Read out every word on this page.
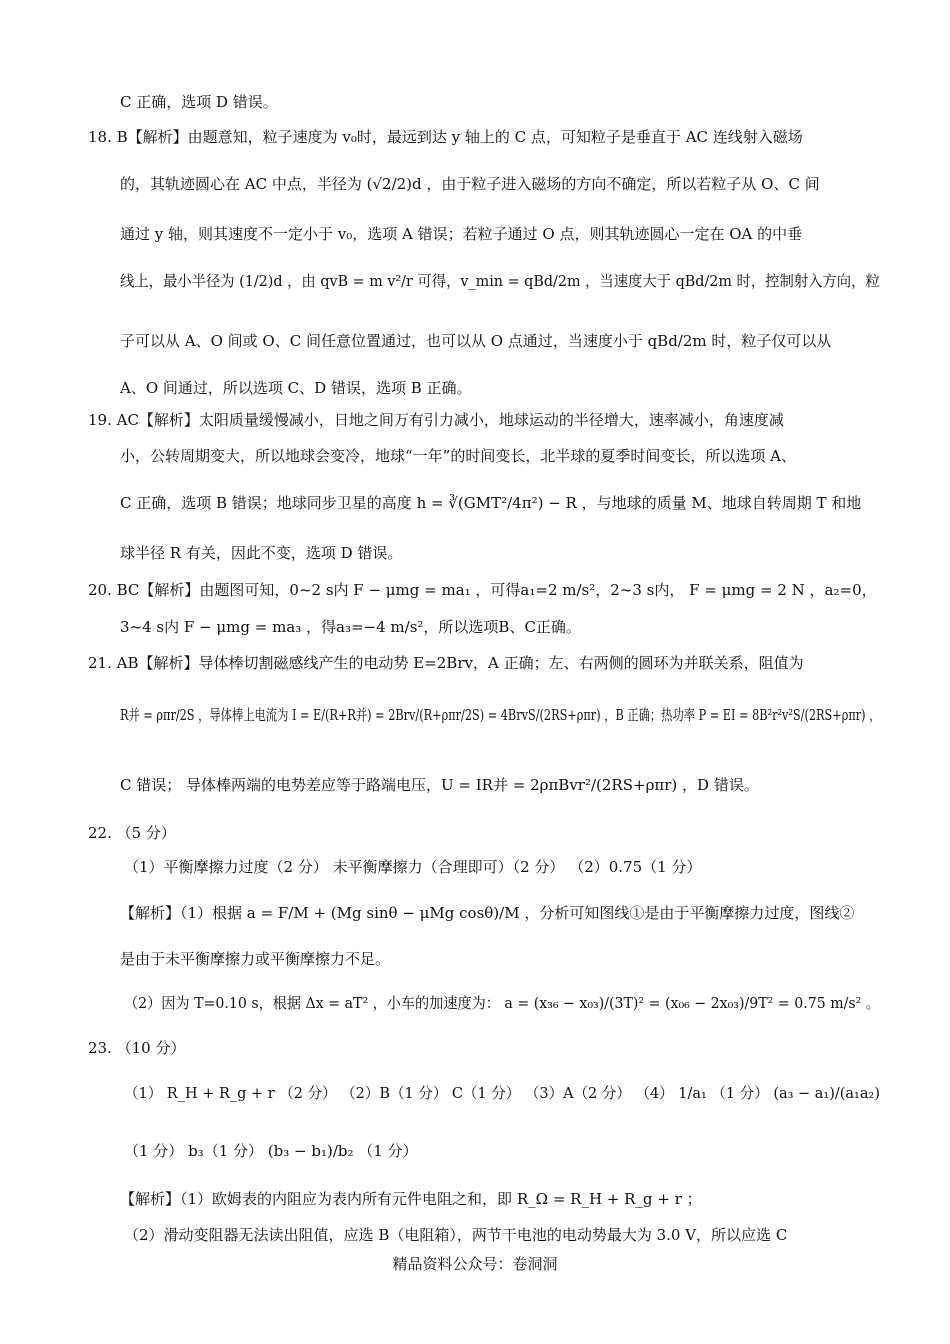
C 正确，选项 D 错误。
18. B【解析】由题意知，粒子速度为 v₀时，最远到达 y 轴上的 C 点，可知粒子是垂直于 AC 连线射入磁场
的，其轨迹圆心在 AC 中点，半径为 (√2/2)d ，由于粒子进入磁场的方向不确定，所以若粒子从 O、C 间
通过 y 轴，则其速度不一定小于 v₀，选项 A 错误；若粒子通过 O 点，则其轨迹圆心一定在 OA 的中垂
线上，最小半径为 (1/2)d ，由 qvB = m v²/r 可得，v_min = qBd/2m ，当速度大于 qBd/2m 时，控制射入方向，粒
子可以从 A、O 间或 O、C 间任意位置通过，也可以从 O 点通过，当速度小于 qBd/2m 时，粒子仅可以从
A、O 间通过，所以选项 C、D 错误，选项 B 正确。
19. AC【解析】太阳质量缓慢减小，日地之间万有引力减小，地球运动的半径增大，速率减小，角速度减
小，公转周期变大，所以地球会变冷，地球“一年”的时间变长，北半球的夏季时间变长，所以选项 A、
C 正确，选项 B 错误；地球同步卫星的高度 h = ∛(GMT²/4π²) − R ，与地球的质量 M、地球自转周期 T 和地
球半径 R 有关，因此不变，选项 D 错误。
20. BC【解析】由题图可知，0~2 s内 F − μmg = ma₁ ，可得a₁=2 m/s²，2~3 s内， F = μmg = 2 N ，a₂=0，
3~4 s内 F − μmg = ma₃ ，得a₃=−4 m/s²，所以选项B、C正确。
21. AB【解析】导体棒切割磁感线产生的电动势 E=2Brv，A 正确；左、右两侧的圆环为并联关系，阻值为
R并 = ρπr/2S ，导体棒上电流为 I = E/(R+R并) = 2Brv/(R+ρπr/2S) = 4BrvS/(2RS+ρπr) ，B 正确；热功率 P = EI = 8B²r²v²S/(2RS+ρπr) ，
C 错误； 导体棒两端的电势差应等于路端电压，U = IR并 = 2ρπBvr²/(2RS+ρπr) ，D 错误。
22. （5 分）
（1）平衡摩擦力过度（2 分） 未平衡摩擦力（合理即可）（2 分） （2）0.75（1 分）
【解析】（1）根据 a = F/M + (Mg sinθ − μMg cosθ)/M ，分析可知图线①是由于平衡摩擦力过度，图线②
是由于未平衡摩擦力或平衡摩擦力不足。
（2）因为 T=0.10 s，根据 Δx = aT² ，小车的加速度为： a = (x₃₆ − x₀₃)/(3T)² = (x₀₆ − 2x₀₃)/9T² = 0.75 m/s² 。
23. （10 分）
（1） R_H + R_g + r （2 分） （2）B（1 分） C（1 分） （3）A（2 分） （4） 1/a₁ （1 分） (a₃ − a₁)/(a₁a₂)
（1 分） b₃（1 分） (b₃ − b₁)/b₂ （1 分）
【解析】（1）欧姆表的内阻应为表内所有元件电阻之和，即 R_Ω = R_H + R_g + r ；
（2）滑动变阻器无法读出阻值，应选 B（电阻箱），两节干电池的电动势最大为 3.0 V，所以应选 C
精品资料公众号：卷洞洞
